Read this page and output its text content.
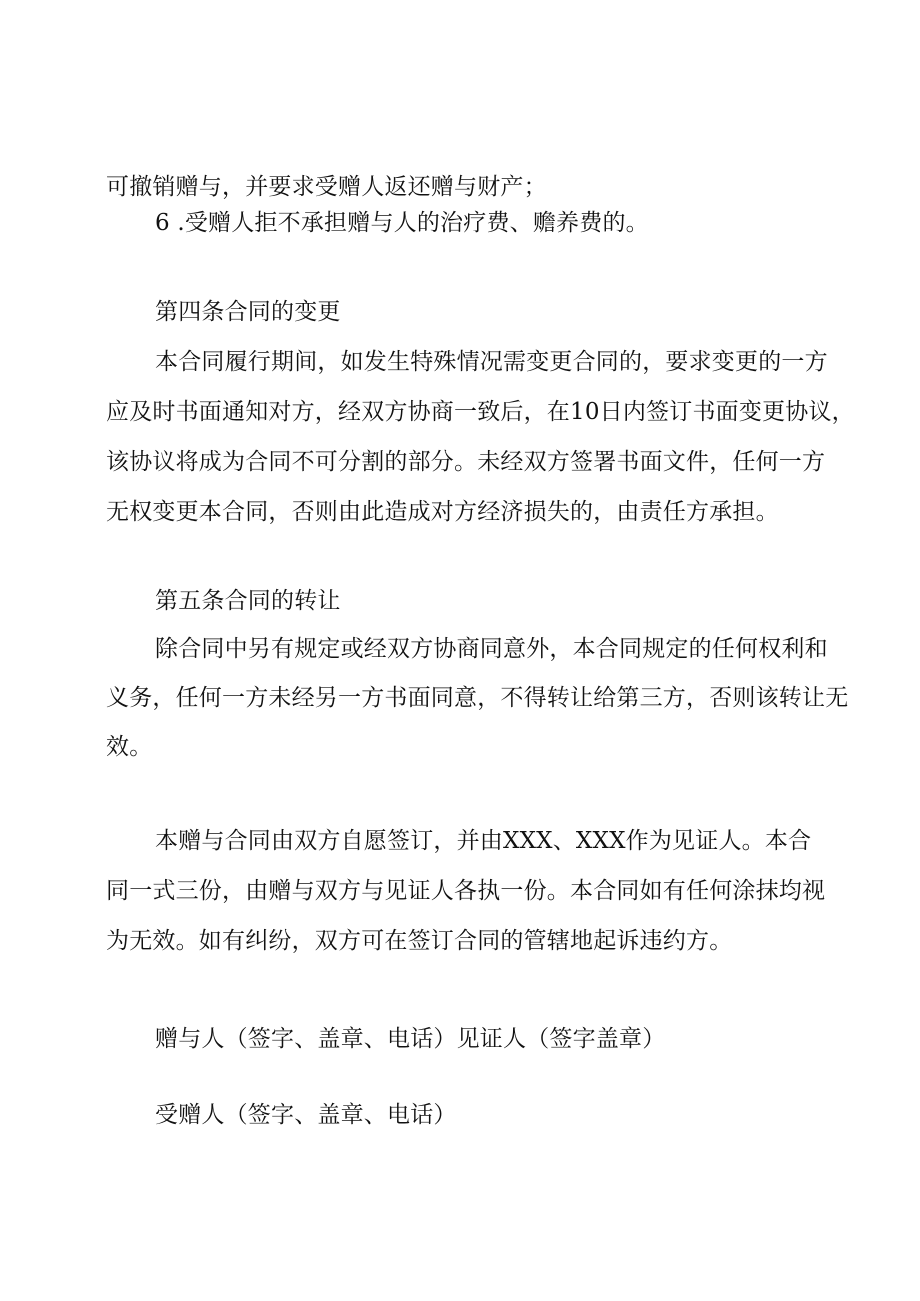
可撤销赠与，并要求受赠人返还赠与财产；
6 .受赠人拒不承担赠与人的治疗费、赡养费的。
第四条合同的变更
本合同履行期间，如发生特殊情况需变更合同的，要求变更的一方
应及时书面通知对方，经双方协商一致后，在10日内签订书面变更协议，
该协议将成为合同不可分割的部分。未经双方签署书面文件，任何一方
无权变更本合同，否则由此造成对方经济损失的，由责任方承担。
第五条合同的转让
除合同中另有规定或经双方协商同意外，本合同规定的任何权利和
义务，任何一方未经另一方书面同意，不得转让给第三方，否则该转让无
效。
本赠与合同由双方自愿签订，并由XXX、XXX作为见证人。本合
同一式三份，由赠与双方与见证人各执一份。本合同如有任何涂抹均视
为无效。如有纠纷，双方可在签订合同的管辖地起诉违约方。
赠与人（签字、盖章、电话）见证人（签字盖章）
受赠人（签字、盖章、电话）
